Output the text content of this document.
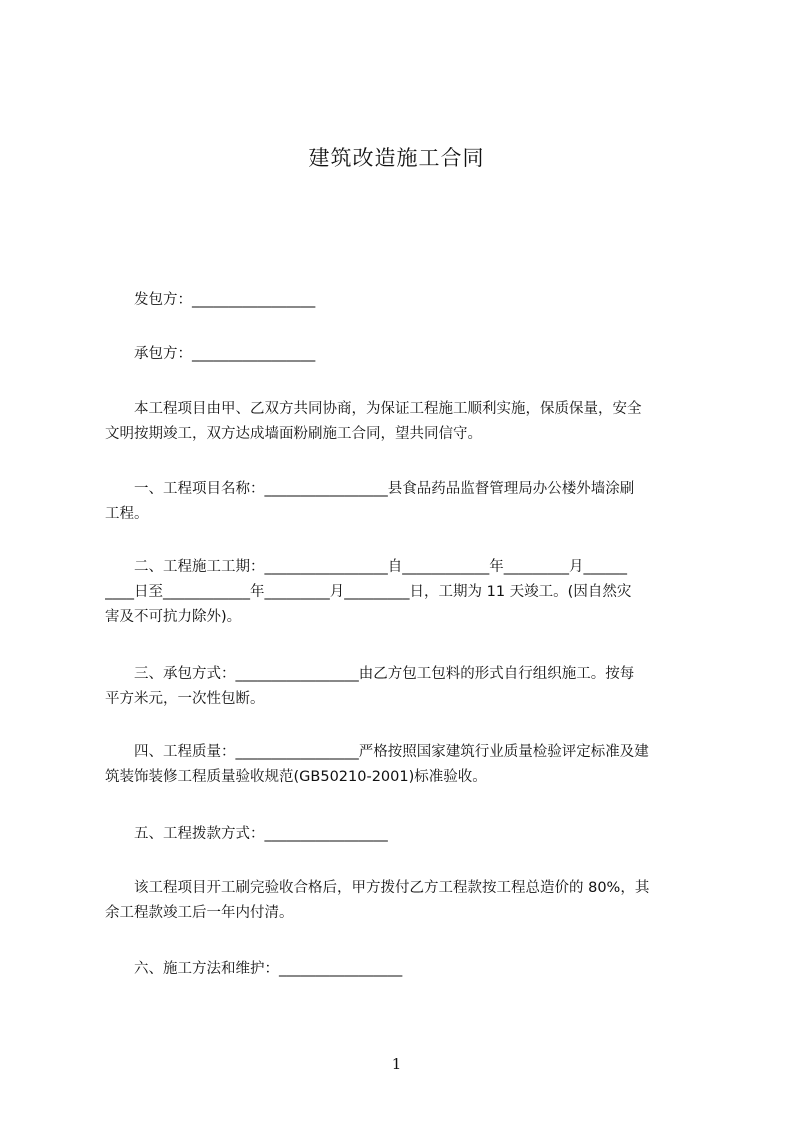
建筑改造施工合同
　　发包方：_________________
　　承包方：_________________
　　本工程项目由甲、乙双方共同协商，为保证工程施工顺利实施，保质保量，安全
文明按期竣工，双方达成墙面粉刷施工合同，望共同信守。
　　一、工程项目名称：_________________县食品药品监督管理局办公楼外墙涂刷
工程。
　　二、工程施工工期：_________________自____________年_________月______
____日至____________年_________月_________日，工期为 11 天竣工。(因自然灾
害及不可抗力除外)。
　　三、承包方式：_________________由乙方包工包料的形式自行组织施工。按每
平方米元，一次性包断。
　　四、工程质量：_________________严格按照国家建筑行业质量检验评定标准及建
筑装饰装修工程质量验收规范(GB50210-2001)标准验收。
　　五、工程拨款方式：_________________
　　该工程项目开工刷完验收合格后，甲方拨付乙方工程款按工程总造价的 80%，其
余工程款竣工后一年内付清。
　　六、施工方法和维护：_________________
1
